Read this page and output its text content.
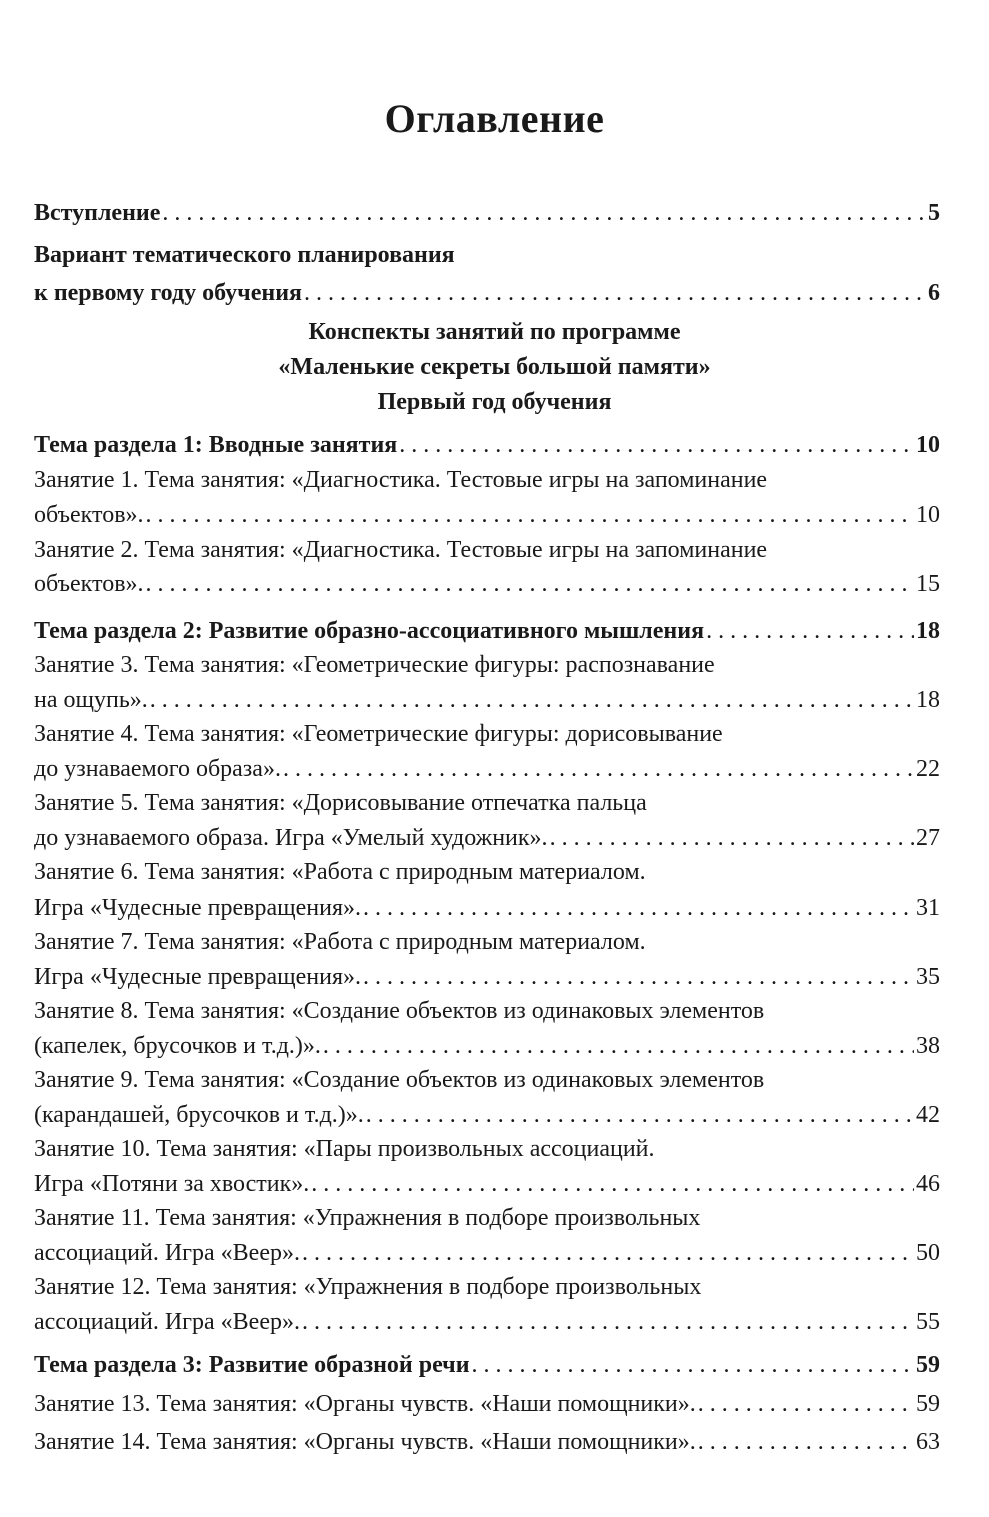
Оглавление
Вступление . . .	5
Вариант тематического планирования
к первому году обучения . . .	6
Конспекты занятий по программе
«Маленькие секреты большой памяти»
Первый год обучения
Тема раздела 1: Вводные занятия . . .	10
Занятие 1. Тема занятия: «Диагностика. Тестовые игры на запоминание
объектов». . . .	10
Занятие 2. Тема занятия: «Диагностика. Тестовые игры на запоминание
объектов». . . .	15
Тема раздела 2: Развитие образно-ассоциативного мышления . . .	18
Занятие 3. Тема занятия: «Геометрические фигуры: распознавание
на ощупь». . . .	18
Занятие 4. Тема занятия: «Геометрические фигуры: дорисовывание
до узнаваемого образа». . . .	22
Занятие 5. Тема занятия: «Дорисовывание отпечатка пальца
до узнаваемого образа. Игра «Умелый художник». . . .	27
Занятие 6. Тема занятия: «Работа с природным материалом.
Игра «Чудесные превращения». . . .	31
Занятие 7. Тема занятия: «Работа с природным материалом.
Игра «Чудесные превращения». . . .	35
Занятие 8. Тема занятия: «Создание объектов из одинаковых элементов
(капелек, брусочков и т.д.)». . . .	38
Занятие 9. Тема занятия: «Создание объектов из одинаковых элементов
(карандашей, брусочков и т.д.)». . . .	42
Занятие 10. Тема занятия: «Пары произвольных ассоциаций.
Игра «Потяни за хвостик». . . .	46
Занятие 11. Тема занятия: «Упражнения в подборе произвольных
ассоциаций. Игра «Веер». . . .	50
Занятие 12. Тема занятия: «Упражнения в подборе произвольных
ассоциаций. Игра «Веер». . . .	55
Тема раздела 3: Развитие образной речи . . .	59
Занятие 13. Тема занятия: «Органы чувств. «Наши помощники». . . .	59
Занятие 14. Тема занятия: «Органы чувств. «Наши помощники». . . .	63
